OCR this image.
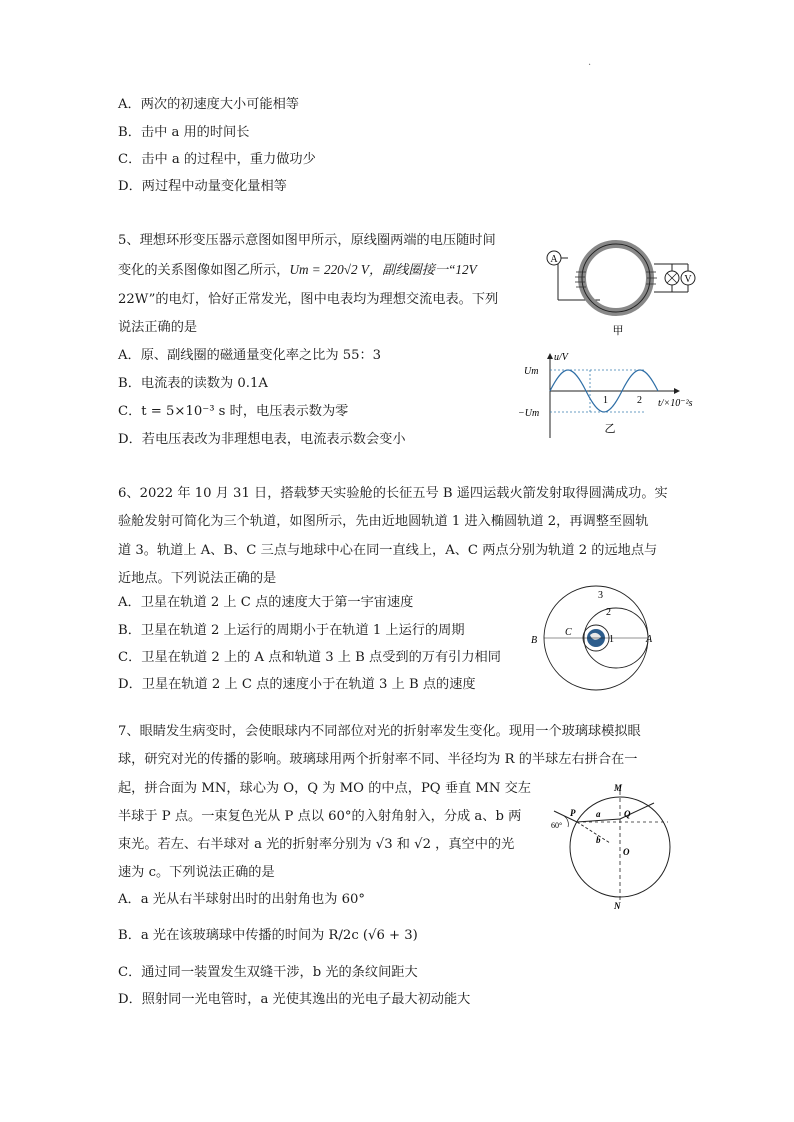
·
A．两次的初速度大小可能相等
B．击中 a 用的时间长
C．击中 a 的过程中，重力做功少
D．两过程中动量变化量相等
5、理想环形变压器示意图如图甲所示，原线圈两端的电压随时间
变化的关系图像如图乙所示，Um = 220√2 V，副线圈接一“12V
22W”的电灯，恰好正常发光，图中电表均为理想交流电表。下列
说法正确的是
A．原、副线圈的磁通量变化率之比为 55：3
B．电流表的读数为 0.1A
C．t = 5×10⁻³ s 时，电压表示数为零
D．若电压表改为非理想电表，电流表示数会变小
A
V
甲
u/V
t/×10⁻²s
Um
−Um
1	2
乙
6、2022 年 10 月 31 日，搭载梦天实验舱的长征五号 B 遥四运载火箭发射取得圆满成功。实
验舱发射可简化为三个轨道，如图所示，先由近地圆轨道 1 进入椭圆轨道 2，再调整至圆轨
道 3。轨道上 A、B、C 三点与地球中心在同一直线上，A、C 两点分别为轨道 2 的远地点与
近地点。下列说法正确的是
A．卫星在轨道 2 上 C 点的速度大于第一宇宙速度
B．卫星在轨道 2 上运行的周期小于在轨道 1 上运行的周期
C．卫星在轨道 2 上的 A 点和轨道 3 上 B 点受到的万有引力相同
D．卫星在轨道 2 上 C 点的速度小于在轨道 3 上 B 点的速度
3
2
1	A
B
C
7、眼睛发生病变时，会使眼球内不同部位对光的折射率发生变化。现用一个玻璃球模拟眼
球，研究对光的传播的影响。玻璃球用两个折射率不同、半径均为 R 的半球左右拼合在一
起，拼合面为 MN，球心为 O，Q 为 MO 的中点，PQ 垂直 MN 交左
半球于 P 点。一束复色光从 P 点以 60°的入射角射入，分成 a、b 两
束光。若左、右半球对 a 光的折射率分别为 √3 和 √2 ，真空中的光
速为 c。下列说法正确的是
A．a 光从右半球射出时的出射角也为 60°
B．a 光在该玻璃球中传播的时间为 R/2c (√6 + 3)
C．通过同一装置发生双缝干涉，b 光的条纹间距大
D．照射同一光电管时，a 光使其逸出的光电子最大初动能大
M
N
O
P	Q
a
b
60°
